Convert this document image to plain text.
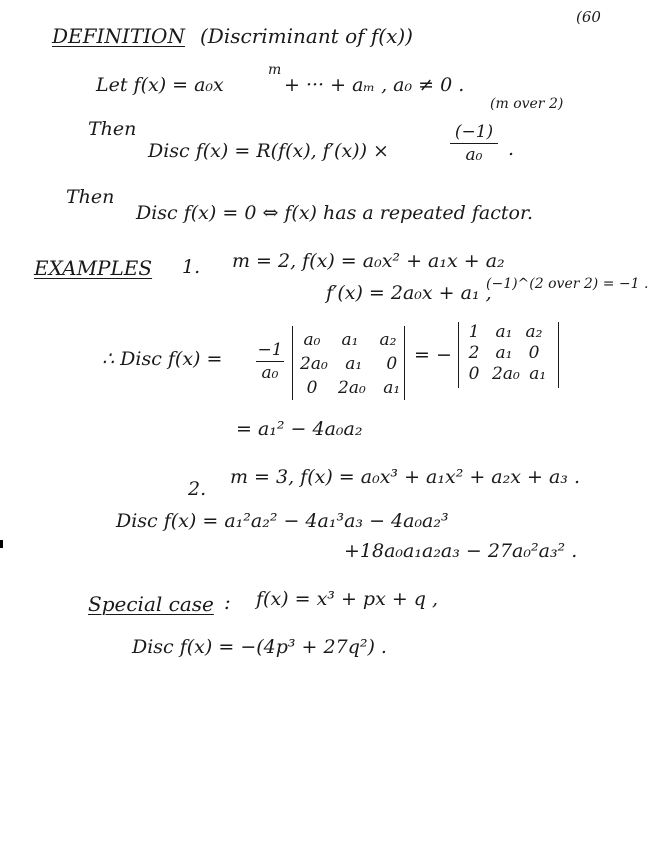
(60
DEFINITION (Discriminant of f(x))
Let f(x) = a₀x
m
+ ··· + aₘ , a₀ ≠ 0 .
Then
Disc f(x) = R(f(x), f′(x)) ×
(m over 2)
(−1)
a₀	.
Then
Disc f(x) = 0 ⇔ f(x) has a repeated factor.
EXAMPLES 1. m = 2, f(x) = a₀x² + a₁x + a₂
f′(x) = 2a₀x + a₁ ,
(−1)^(2 over 2) = −1 .
∴ Disc f(x) = −1
a₀
a₀ a₁ a₂
2a₀ a₁	0
0	2a₀ a₁
= −
1 a₁ a₂
2 a₁ 0
0 2a₀ a₁
= a₁² − 4a₀a₂
2.
m = 3, f(x) = a₀x³ + a₁x² + a₂x + a₃ .
Disc f(x) = a₁²a₂² − 4a₁³a₃ − 4a₀a₂³
+18a₀a₁a₂a₃ − 27a₀²a₃² .
Special case : f(x) = x³ + px + q ,
Disc f(x) = −(4p³ + 27q²) .
